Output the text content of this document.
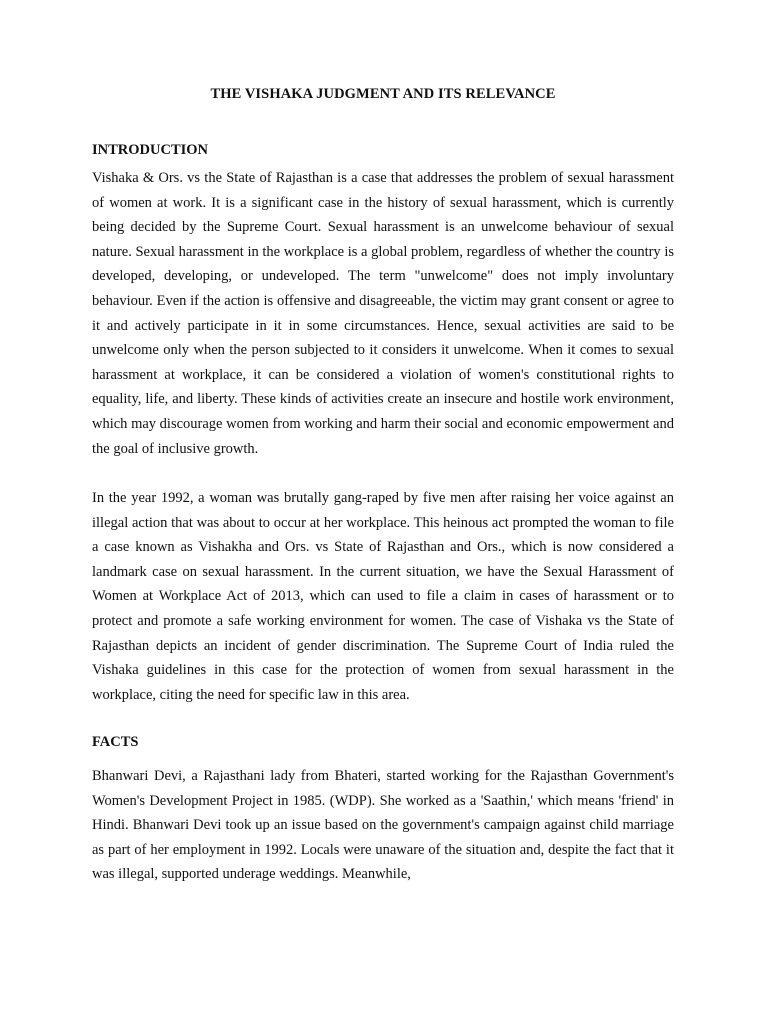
THE VISHAKA JUDGMENT AND ITS RELEVANCE
INTRODUCTION

Vishaka & Ors. vs the State of Rajasthan is a case that addresses the problem of sexual harassment of women at work. It is a significant case in the history of sexual harassment, which is currently being decided by the Supreme Court. Sexual harassment is an unwelcome behaviour of sexual nature. Sexual harassment in the workplace is a global problem, regardless of whether the country is developed, developing, or undeveloped. The term "unwelcome" does not imply involuntary behaviour. Even if the action is offensive and disagreeable, the victim may grant consent or agree to it and actively participate in it in some circumstances. Hence, sexual activities are said to be unwelcome only when the person subjected to it considers it unwelcome. When it comes to sexual harassment at workplace, it can be considered a violation of women's constitutional rights to equality, life, and liberty. These kinds of activities create an insecure and hostile work environment, which may discourage women from working and harm their social and economic empowerment and the goal of inclusive growth.

In the year 1992, a woman was brutally gang-raped by five men after raising her voice against an illegal action that was about to occur at her workplace. This heinous act prompted the woman to file a case known as Vishakha and Ors. vs State of Rajasthan and Ors., which is now considered a landmark case on sexual harassment. In the current situation, we have the Sexual Harassment of Women at Workplace Act of 2013, which can used to file a claim in cases of harassment or to protect and promote a safe working environment for women. The case of Vishaka vs the State of Rajasthan depicts an incident of gender discrimination. The Supreme Court of India ruled the Vishaka guidelines in this case for the protection of women from sexual harassment in the workplace, citing the need for specific law in this area.

FACTS

Bhanwari Devi, a Rajasthani lady from Bhateri, started working for the Rajasthan Government's Women's Development Project in 1985. (WDP). She worked as a 'Saathin,' which means 'friend' in Hindi. Bhanwari Devi took up an issue based on the government's campaign against child marriage as part of her employment in 1992. Locals were unaware of the situation and, despite the fact that it was illegal, supported underage weddings. Meanwhile,
